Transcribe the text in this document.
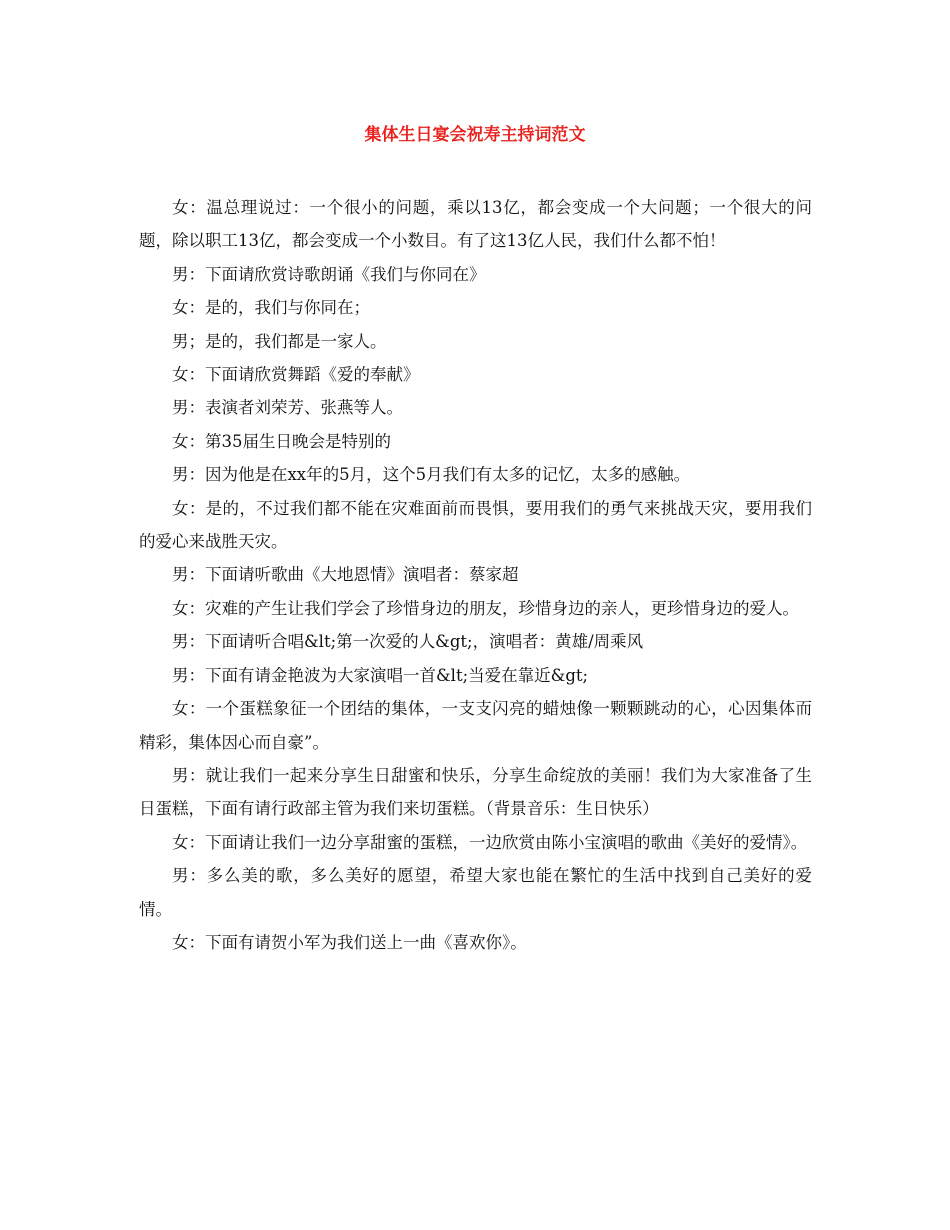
集体生日宴会祝寿主持词范文

女：温总理说过：一个很小的问题，乘以13亿，都会变成一个大问题；一个很大的问题，除以职工13亿，都会变成一个小数目。有了这13亿人民，我们什么都不怕！

男：下面请欣赏诗歌朗诵《我们与你同在》

女：是的，我们与你同在；

男；是的，我们都是一家人。

女：下面请欣赏舞蹈《爱的奉献》

男：表演者刘荣芳、张燕等人。

女：第35届生日晚会是特别的

男：因为他是在xx年的5月，这个5月我们有太多的记忆，太多的感触。

女：是的，不过我们都不能在灾难面前而畏惧，要用我们的勇气来挑战天灾，要用我们的爱心来战胜天灾。

男：下面请听歌曲《大地恩情》演唱者：蔡家超

女：灾难的产生让我们学会了珍惜身边的朋友，珍惜身边的亲人，更珍惜身边的爱人。

男：下面请听合唱&lt;第一次爱的人&gt;，演唱者：黄雄/周乘风

男：下面有请金艳波为大家演唱一首&lt;当爱在靠近&gt;

女：一个蛋糕象征一个团结的集体，一支支闪亮的蜡烛像一颗颗跳动的心，心因集体而精彩，集体因心而自豪”。

男：就让我们一起来分享生日甜蜜和快乐，分享生命绽放的美丽！我们为大家准备了生日蛋糕，下面有请行政部主管为我们来切蛋糕。（背景音乐：生日快乐）

女：下面请让我们一边分享甜蜜的蛋糕，一边欣赏由陈小宝演唱的歌曲《美好的爱情》。

男：多么美的歌，多么美好的愿望，希望大家也能在繁忙的生活中找到自己美好的爱情。

女：下面有请贺小军为我们送上一曲《喜欢你》。
